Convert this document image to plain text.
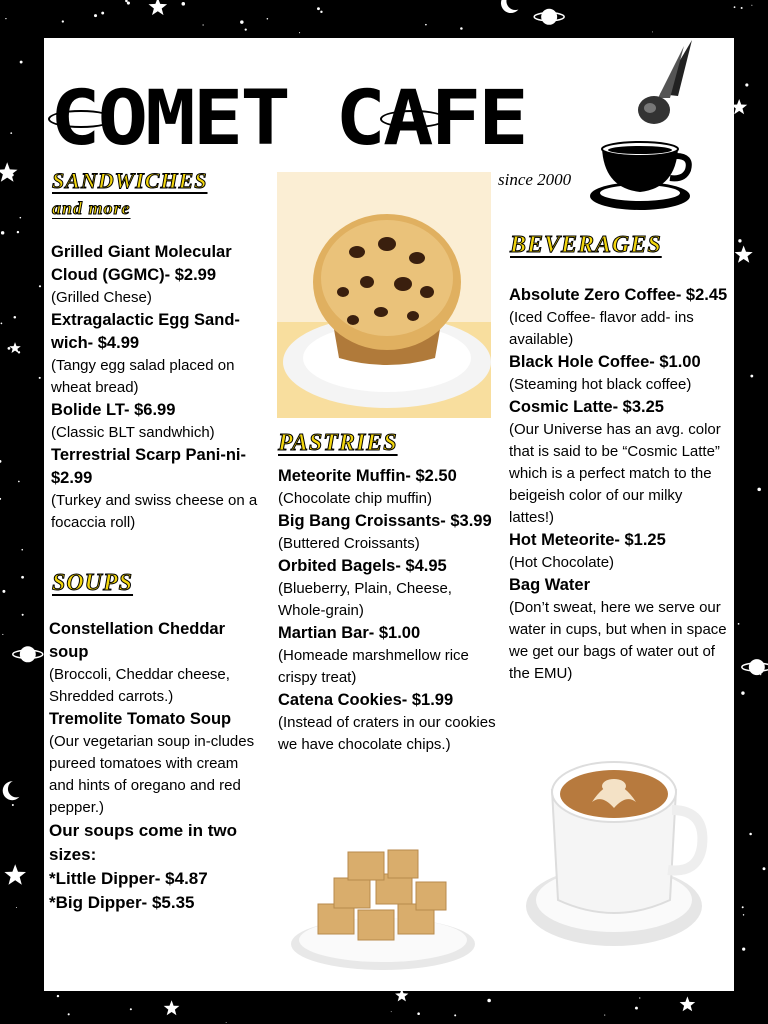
COMET CAFE
since 2000
SANDWICHES
and more
Grilled Giant Molecular Cloud (GGMC)- $2.99
(Grilled Chese)
Extragalactic Egg Sand-wich- $4.99
(Tangy egg salad placed on wheat bread)
Bolide LT- $6.99
(Classic BLT sandwhich)
Terrestrial Scarp Pani-ni- $2.99
(Turkey and swiss cheese on a focaccia roll)
SOUPS
Constellation Cheddar soup
(Broccoli, Cheddar cheese, Shredded carrots.)
Tremolite Tomato Soup
(Our vegetarian soup in-cludes pureed tomatoes with cream and hints of oregano and red pepper.)
Our soups come in two sizes:
*Little Dipper- $4.87
*Big Dipper- $5.35
PASTRIES
Meteorite Muffin- $2.50
(Chocolate chip muffin)
Big Bang Croissants- $3.99
(Buttered Croissants)
Orbited Bagels- $4.95
(Blueberry, Plain, Cheese, Whole-grain)
Martian Bar- $1.00
(Homeade marshmellow rice crispy treat)
Catena Cookies- $1.99
(Instead of craters in our cookies we have chocolate chips.)
BEVERAGES
Absolute Zero Coffee- $2.45
(Iced Coffee- flavor add- ins available)
Black Hole Coffee- $1.00
(Steaming hot black coffee)
Cosmic Latte- $3.25
(Our Universe has an avg. color that is said to be “Cosmic Latte” which is a perfect match to the beigeish color of our milky lattes!)
Hot Meteorite- $1.25
(Hot Chocolate)
Bag Water
(Don’t sweat, here we serve our water in cups, but when in space we get our bags of water out of the EMU)
